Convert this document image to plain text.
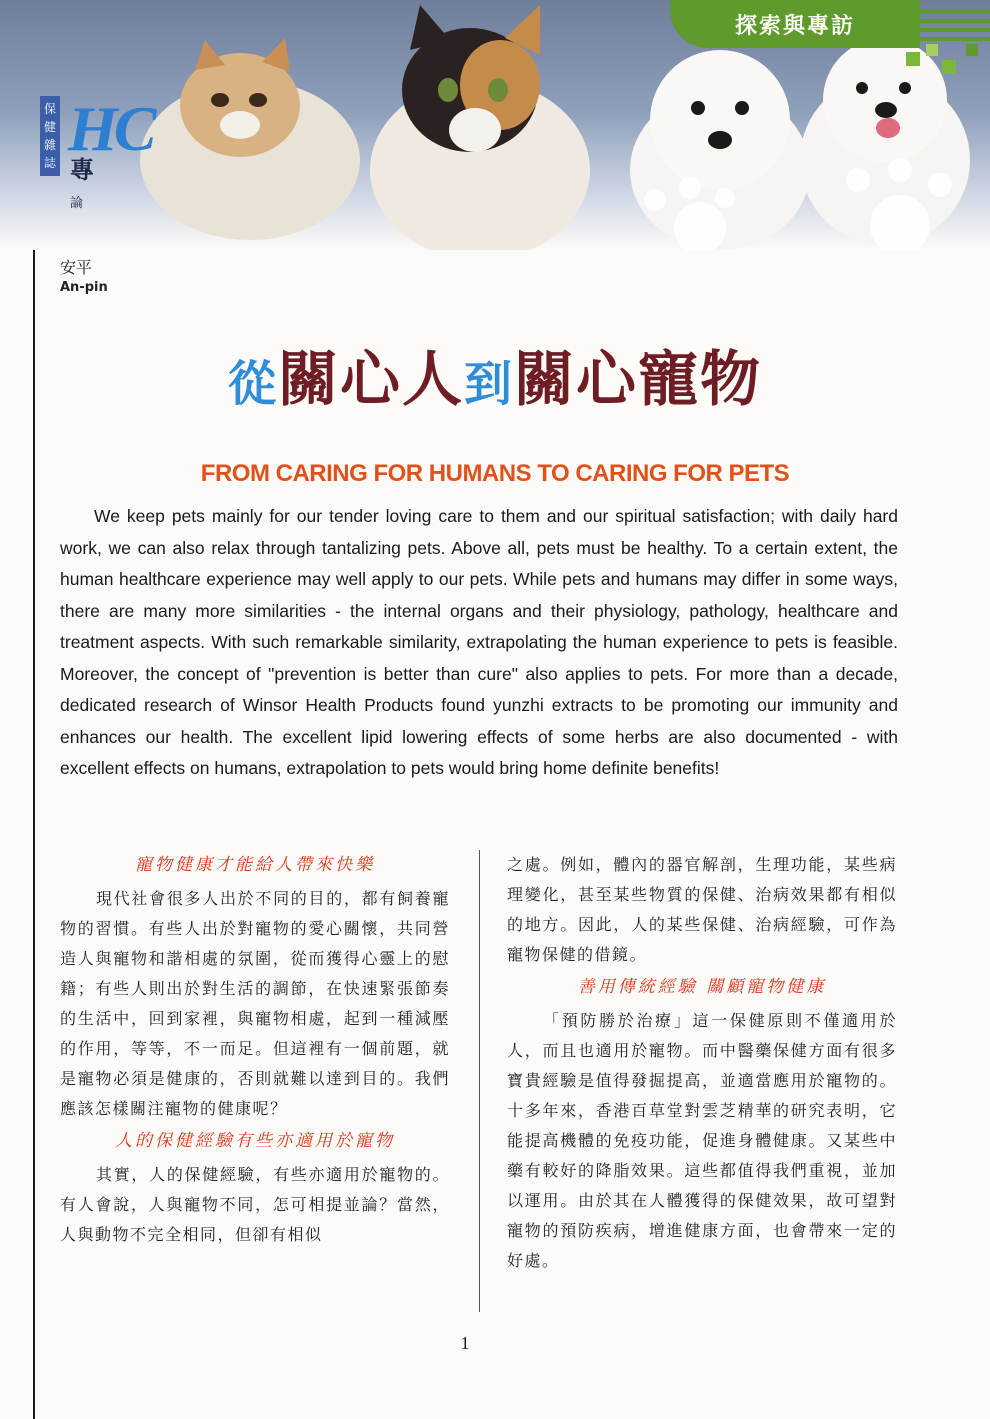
探索與專訪
保健雜誌 HC
專論
安平
An-pin
從關心人到關心寵物
FROM CARING FOR HUMANS TO CARING FOR PETS
We keep pets mainly for our tender loving care to them and our spiritual satisfaction; with daily hard work, we can also relax through tantalizing pets. Above all, pets must be healthy. To a certain extent, the human healthcare experience may well apply to our pets. While pets and humans may differ in some ways, there are many more similarities - the internal organs and their physiology, pathology, healthcare and treatment aspects. With such remarkable similarity, extrapolating the human experience to pets is feasible. Moreover, the concept of "prevention is better than cure" also applies to pets. For more than a decade, dedicated research of Winsor Health Products found yunzhi extracts to be promoting our immunity and enhances our health. The excellent lipid lowering effects of some herbs are also documented - with excellent effects on humans, extrapolation to pets would bring home definite benefits!
寵物健康才能給人帶來快樂

現代社會很多人出於不同的目的，都有飼養寵物的習慣。有些人出於對寵物的愛心關懷，共同營造人與寵物和諧相處的氛圍，從而獲得心靈上的慰籍；有些人則出於對生活的調節，在快速緊張節奏的生活中，回到家裡，與寵物相處，起到一種減壓的作用，等等，不一而足。但這裡有一個前題，就是寵物必須是健康的，否則就難以達到目的。我們應該怎樣關注寵物的健康呢？

人的保健經驗有些亦適用於寵物

其實，人的保健經驗，有些亦適用於寵物的。有人會說，人與寵物不同，怎可相提並論？當然，人與動物不完全相同，但卻有相似

之處。例如，體內的器官解剖，生理功能，某些病理變化，甚至某些物質的保健、治病效果都有相似的地方。因此，人的某些保健、治病經驗，可作為寵物保健的借鏡。

善用傳統經驗 關顧寵物健康

「預防勝於治療」這一保健原則不僅適用於人，而且也適用於寵物。而中醫藥保健方面有很多寶貴經驗是值得發掘提高，並適當應用於寵物的。十多年來，香港百草堂對雲芝精華的研究表明，它能提高機體的免疫功能，促進身體健康。又某些中藥有較好的降脂效果。這些都值得我們重視，並加以運用。由於其在人體獲得的保健效果，故可望對寵物的預防疾病，增進健康方面，也會帶來一定的好處。

1
